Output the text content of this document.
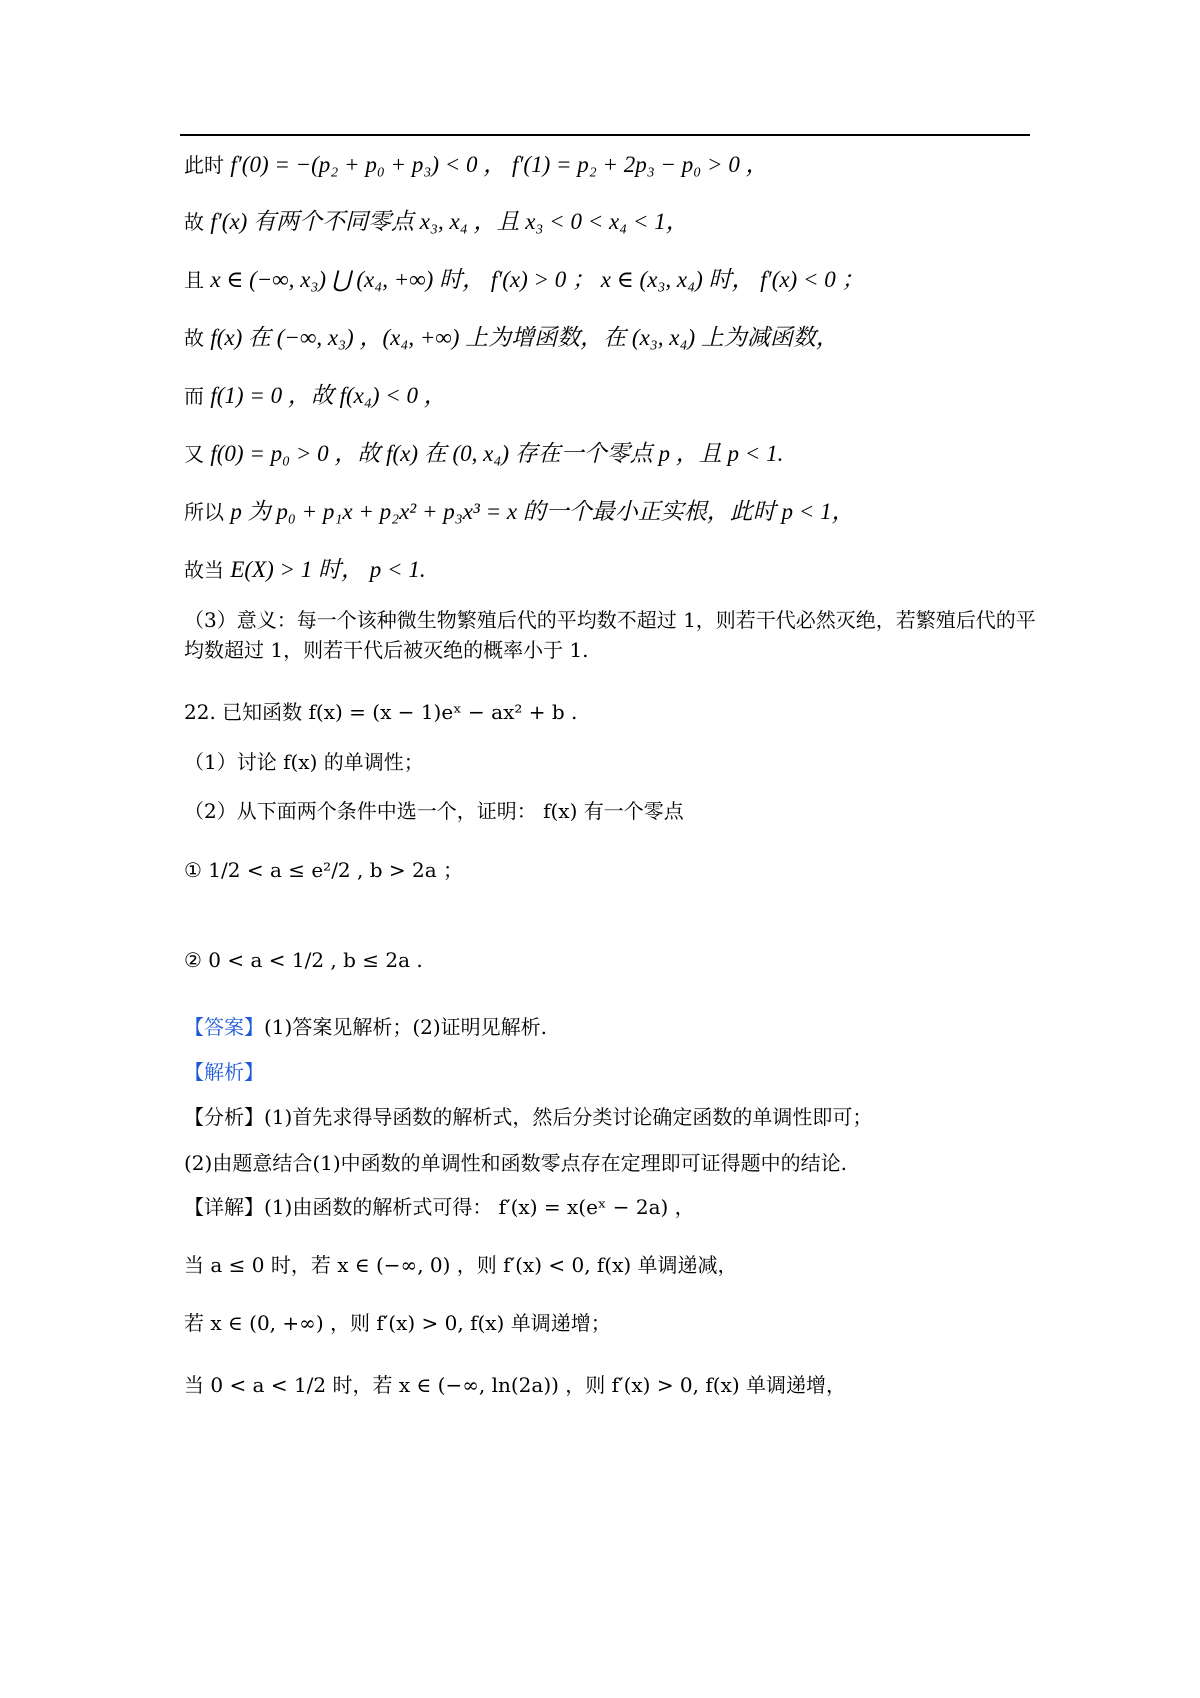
此时 f′(0) = −(p₂ + p₀ + p₃) < 0 ， f′(1) = p₂ + 2p₃ − p₀ > 0 ，
故 f′(x) 有两个不同零点 x₃, x₄ ，且 x₃ < 0 < x₄ < 1，
且 x ∈ (−∞, x₃) ⋃ (x₄, +∞) 时， f′(x) > 0 ； x ∈ (x₃, x₄) 时， f′(x) < 0 ；
故 f(x) 在 (−∞, x₃) ，(x₄, +∞) 上为增函数，在 (x₃, x₄) 上为减函数，
而 f(1) = 0 ，故 f(x₄) < 0 ，
又 f(0) = p₀ > 0 ，故 f(x) 在 (0, x₄) 存在一个零点 p ，且 p < 1.
所以 p 为 p₀ + p₁x + p₂x² + p₃x³ = x 的一个最小正实根，此时 p < 1，
故当 E(X) > 1 时， p < 1.
（3）意义：每一个该种微生物繁殖后代的平均数不超过 1，则若干代必然灭绝，若繁殖后代的平均数超过 1，则若干代后被灭绝的概率小于 1.
22. 已知函数 f(x) = (x − 1)eˣ − ax² + b .
（1）讨论 f(x) 的单调性；
（2）从下面两个条件中选一个，证明： f(x) 有一个零点
① 1/2 < a ≤ e²/2 , b > 2a ；
② 0 < a < 1/2 , b ≤ 2a .
【答案】(1)答案见解析；(2)证明见解析.
【解析】
【分析】(1)首先求得导函数的解析式，然后分类讨论确定函数的单调性即可；
(2)由题意结合(1)中函数的单调性和函数零点存在定理即可证得题中的结论.
【详解】(1)由函数的解析式可得： f′(x) = x(eˣ − 2a) ，
当 a ≤ 0 时，若 x ∈ (−∞, 0) ，则 f′(x) < 0, f(x) 单调递减，
若 x ∈ (0, +∞) ，则 f′(x) > 0, f(x) 单调递增；
当 0 < a < 1/2 时，若 x ∈ (−∞, ln(2a)) ，则 f′(x) > 0, f(x) 单调递增，
